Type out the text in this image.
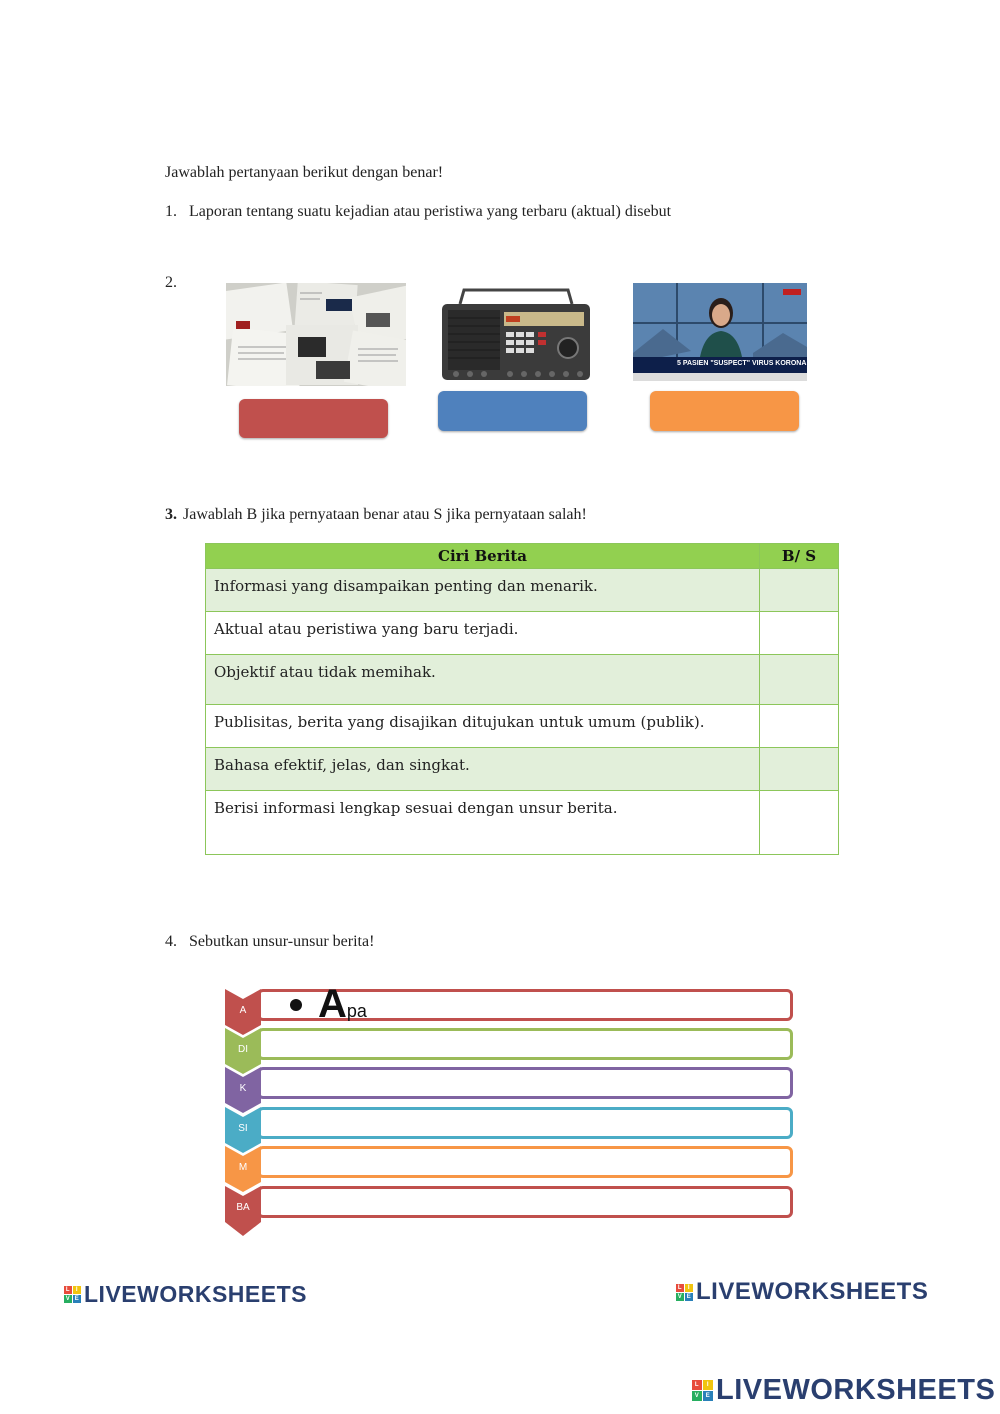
Jawablah pertanyaan berikut dengan benar!
1. Laporan tentang suatu kejadian atau peristiwa yang terbaru (aktual) disebut
2.
5 PASIEN "SUSPECT" VIRUS KORONA
3. Jawablah B jika pernyataan benar atau S jika pernyataan salah!
Ciri Berita	B/ S
Informasi yang disampaikan penting dan menarik.	
Aktual atau peristiwa yang baru terjadi.	
Objektif atau tidak memihak.	
Publisitas, berita yang disajikan ditujukan untuk umum (publik).	
Bahasa efektif, jelas, dan singkat.	
Berisi informasi lengkap sesuai dengan unsur berita.	
4. Sebutkan unsur-unsur berita!
A
DI
K
SI
M
BA
Apa
L I
V E LIVEWORKSHEETS	L I
V E LIVEWORKSHEETS
L	I
V	E LIVEWORKSHEETS
